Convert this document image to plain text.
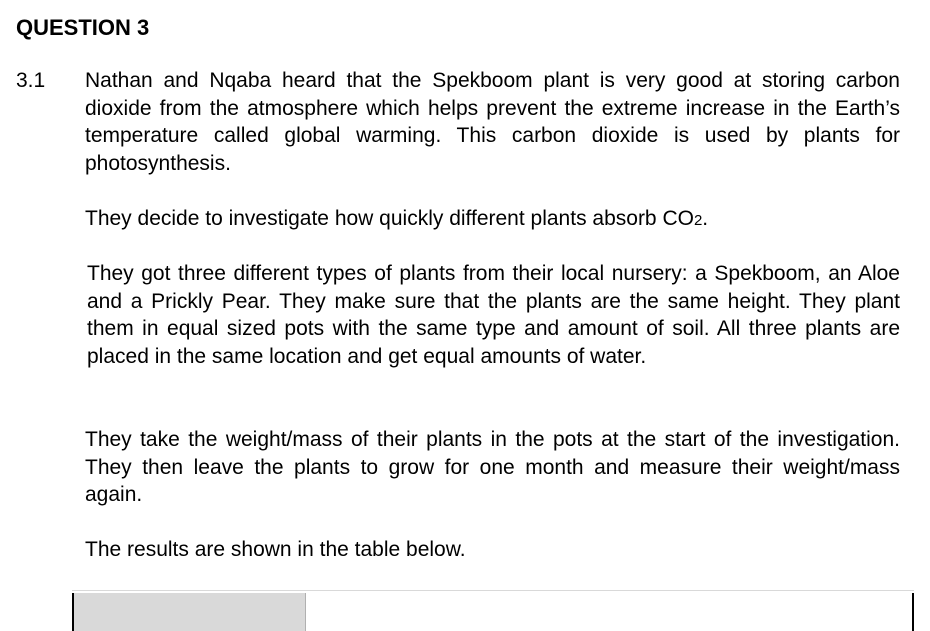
QUESTION 3
3.1 Nathan and Nqaba heard that the Spekboom plant is very good at storing carbon dioxide from the atmosphere which helps prevent the extreme increase in the Earth’s temperature called global warming. This carbon dioxide is used by plants for photosynthesis.

They decide to investigate how quickly different plants absorb CO2.

They got three different types of plants from their local nursery: a Spekboom, an Aloe and a Prickly Pear. They make sure that the plants are the same height. They plant them in equal sized pots with the same type and amount of soil. All three plants are placed in the same location and get equal amounts of water.

They take the weight/mass of their plants in the pots at the start of the investigation. They then leave the plants to grow for one month and measure their weight/mass again.

The results are shown in the table below.
